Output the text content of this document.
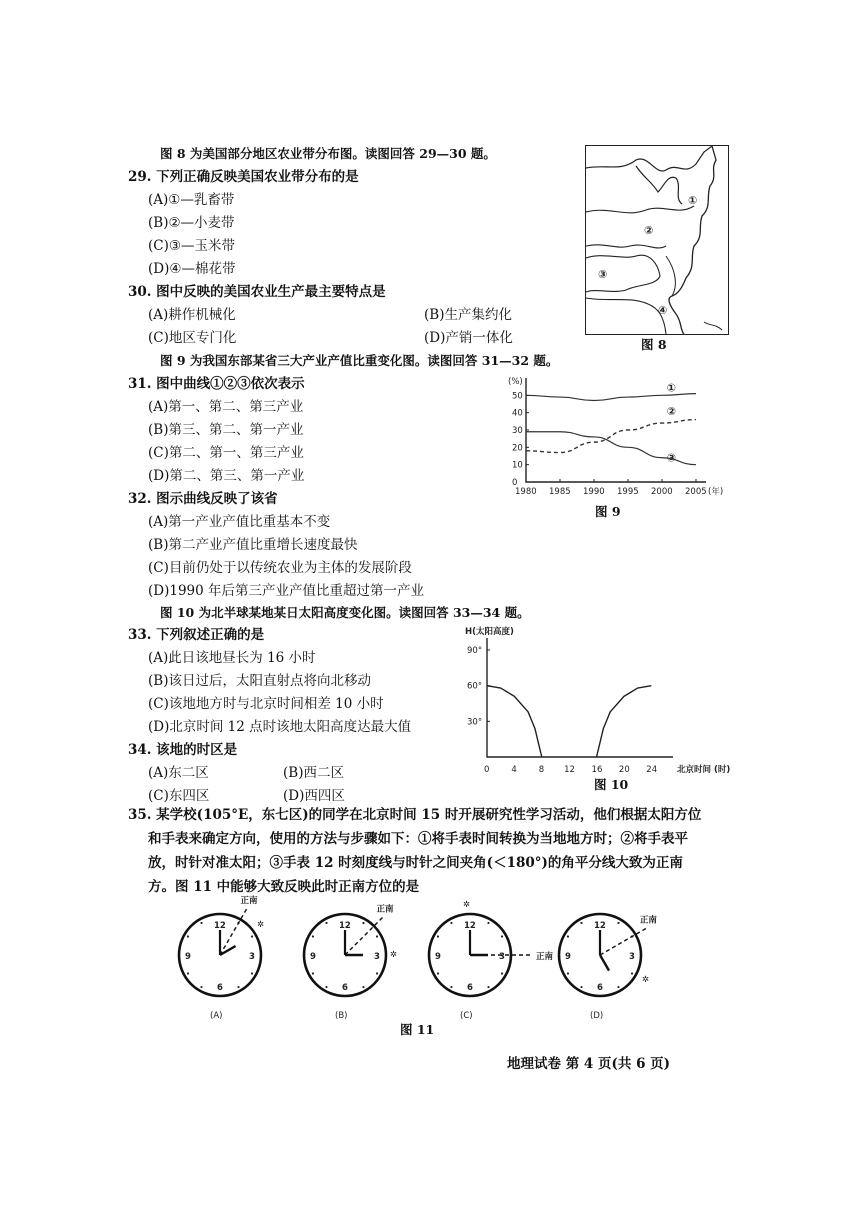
图 8 为美国部分地区农业带分布图。读图回答 29—30 题。
29. 下列正确反映美国农业带分布的是
(A)①—乳畜带
(B)②—小麦带
(C)③—玉米带
(D)④—棉花带
30. 图中反映的美国农业生产最主要特点是
(A)耕作机械化	(B)生产集约化
(C)地区专门化	(D)产销一体化
①
②
③
④
图 8
图 9 为我国东部某省三大产业产值比重变化图。读图回答 31—32 题。
31. 图中曲线①②③依次表示
(A)第一、第二、第三产业
(B)第三、第二、第一产业
(C)第二、第一、第三产业
(D)第二、第三、第一产业
(%)
(年)
0
10
20
30
40
50
1980 1985 1990 1995 2000 2005
①
②
③
图 9
32. 图示曲线反映了该省
(A)第一产业产值比重基本不变
(B)第二产业产值比重增长速度最快
(C)目前仍处于以传统农业为主体的发展阶段
(D)1990 年后第三产业产值比重超过第一产业
图 10 为北半球某地某日太阳高度变化图。读图回答 33—34 题。
33. 下列叙述正确的是
(A)此日该地昼长为 16 小时
(B)该日过后，太阳直射点将向北移动
(C)该地地方时与北京时间相差 10 小时
(D)北京时间 12 点时该地太阳高度达最大值
34. 该地的时区是
(A)东二区	(B)西二区
(C)东四区	(D)西四区
H(太阳高度)
北京时间 (时)
30°
60°
90°
0	4	8 12 16 20 24
图 10
35. 某学校(105°E，东七区)的同学在北京时间 15 时开展研究性学习活动，他们根据太阳方位
和手表来确定方向，使用的方法与步骤如下：①将手表时间转换为当地地方时；②将手表平
放，时针对准太阳；③手表 12 时刻度线与时针之间夹角(＜180°)的角平分线大致为正南
方。图 11 中能够大致反映此时正南方位的是
12
3
6
9
正南
✲
(A)
12
3
6
9
正南
✲
(B)
12
3
6
9	正南
✲
(C)
12
3
6
9
正南
✲
(D)
图 11
地理试卷 第 4 页(共 6 页)
